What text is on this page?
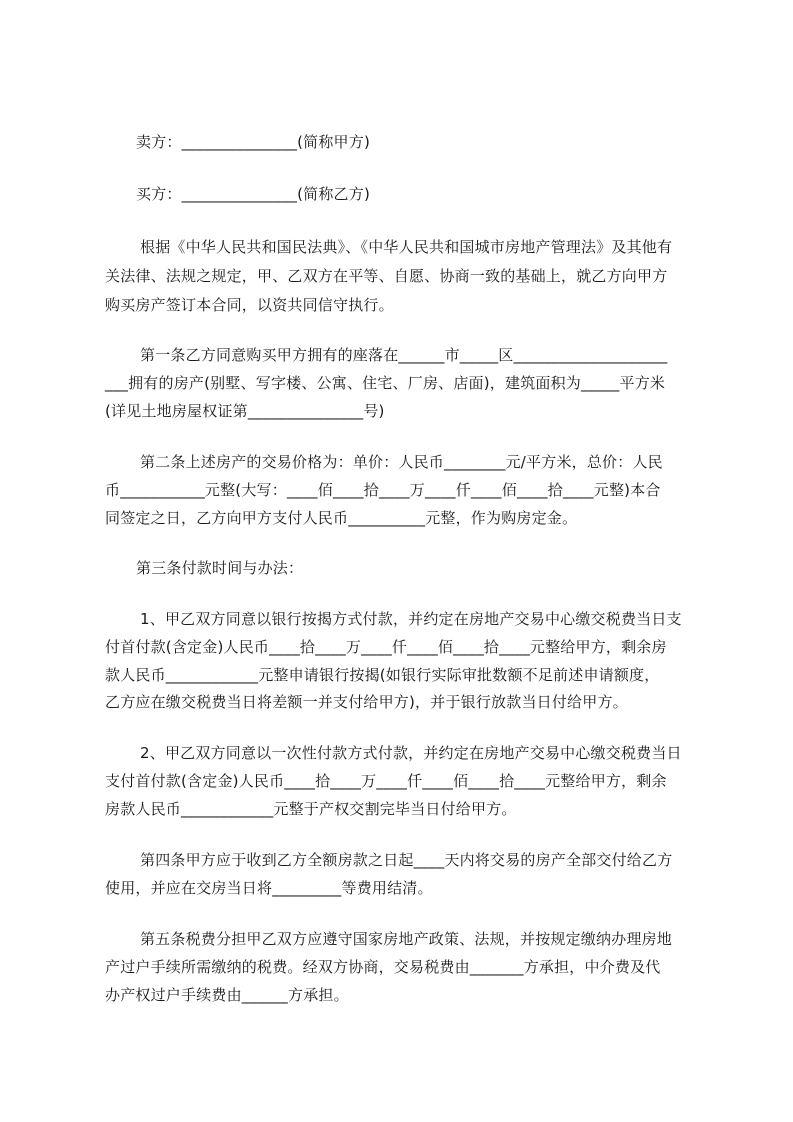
卖方：_______________(简称甲方)
买方：_______________(简称乙方)
根据《中华人民共和国民法典》、《中华人民共和国城市房地产管理法》及其他有
关法律、法规之规定，甲、乙双方在平等、自愿、协商一致的基础上，就乙方向甲方
购买房产签订本合同，以资共同信守执行。
第一条乙方同意购买甲方拥有的座落在______市_____区____________________
___拥有的房产(别墅、写字楼、公寓、住宅、厂房、店面)，建筑面积为_____平方米
(详见土地房屋权证第_______________号)
第二条上述房产的交易价格为：单价：人民币________元/平方米，总价：人民
币___________元整(大写：____佰____拾____万____仟____佰____拾____元整)本合
同签定之日，乙方向甲方支付人民币__________元整，作为购房定金。
第三条付款时间与办法：
1、甲乙双方同意以银行按揭方式付款，并约定在房地产交易中心缴交税费当日支
付首付款(含定金)人民币____拾____万____仟____佰____拾____元整给甲方，剩余房
款人民币____________元整申请银行按揭(如银行实际审批数额不足前述申请额度，
乙方应在缴交税费当日将差额一并支付给甲方)，并于银行放款当日付给甲方。
2、甲乙双方同意以一次性付款方式付款，并约定在房地产交易中心缴交税费当日
支付首付款(含定金)人民币____拾____万____仟____佰____拾____元整给甲方，剩余
房款人民币____________元整于产权交割完毕当日付给甲方。
第四条甲方应于收到乙方全额房款之日起____天内将交易的房产全部交付给乙方
使用，并应在交房当日将_________等费用结清。
第五条税费分担甲乙双方应遵守国家房地产政策、法规，并按规定缴纳办理房地
产过户手续所需缴纳的税费。经双方协商，交易税费由_______方承担，中介费及代
办产权过户手续费由______方承担。
